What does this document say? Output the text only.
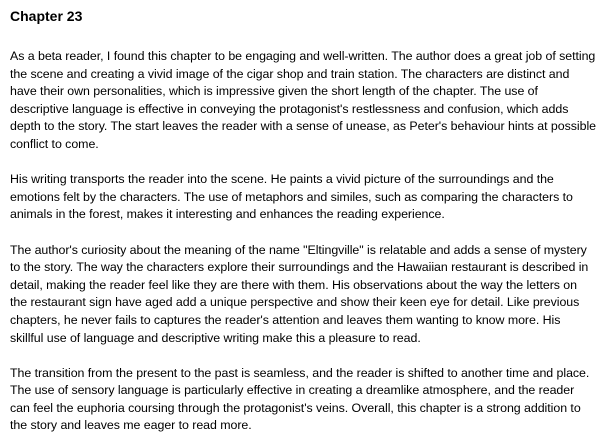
Chapter 23

As a beta reader, I found this chapter to be engaging and well-written. The author does a great job of setting the scene and creating a vivid image of the cigar shop and train station. The characters are distinct and have their own personalities, which is impressive given the short length of the chapter. The use of descriptive language is effective in conveying the protagonist's restlessness and confusion, which adds depth to the story. The start leaves the reader with a sense of unease, as Peter's behaviour hints at possible conflict to come.

His writing transports the reader into the scene. He paints a vivid picture of the surroundings and the emotions felt by the characters. The use of metaphors and similes, such as comparing the characters to animals in the forest, makes it interesting and enhances the reading experience.

The author's curiosity about the meaning of the name "Eltingville" is relatable and adds a sense of mystery to the story. The way the characters explore their surroundings and the Hawaiian restaurant is described in detail, making the reader feel like they are there with them. His observations about the way the letters on the restaurant sign have aged add a unique perspective and show their keen eye for detail. Like previous chapters, he never fails to captures the reader's attention and leaves them wanting to know more. His skillful use of language and descriptive writing make this a pleasure to read.

The transition from the present to the past is seamless, and the reader is shifted to another time and place. The use of sensory language is particularly effective in creating a dreamlike atmosphere, and the reader can feel the euphoria coursing through the protagonist's veins. Overall, this chapter is a strong addition to the story and leaves me eager to read more.
